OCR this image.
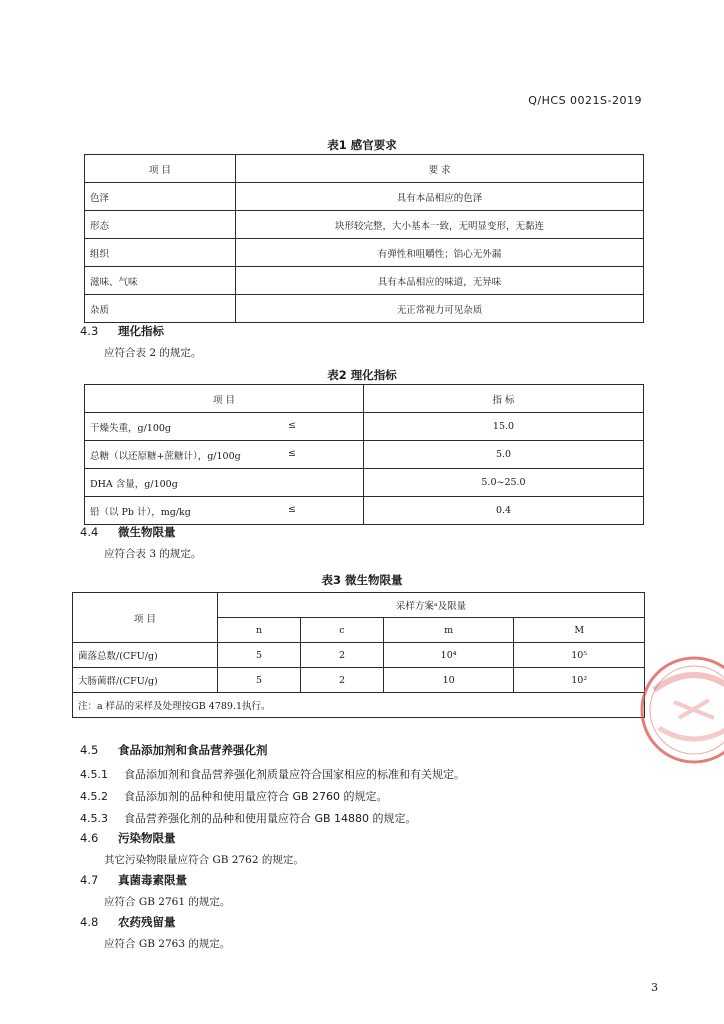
Q/HCS 0021S-2019
表1 感官要求
项 目	要 求
色泽	具有本品相应的色泽
形态	块形较完整，大小基本一致，无明显变形，无黏连
组织	有弹性和咀嚼性；馅心无外漏
滋味、气味	具有本品相应的味道，无异味
杂质	无正常视力可见杂质
4.3 理化指标
应符合表 2 的规定。
表2 理化指标
项 目	指 标
干燥失重，g/100g ≤	15.0
总糖（以还原糖+蔗糖计），g/100g ≤	5.0
DHA 含量，g/100g	5.0~25.0
铅（以 Pb 计），mg/kg ≤	0.4
4.4 微生物限量
应符合表 3 的规定。
表3 微生物限量
项 目	采样方案ᵃ及限量			
	n	c	m	M
菌落总数/(CFU/g)	5	2	10⁴	10⁵
大肠菌群/(CFU/g)	5	2	10	10²
注：a 样品的采样及处理按GB 4789.1执行。				
4.5 食品添加剂和食品营养强化剂
4.5.1 食品添加剂和食品营养强化剂质量应符合国家相应的标准和有关规定。
4.5.2 食品添加剂的品种和使用量应符合 GB 2760 的规定。
4.5.3 食品营养强化剂的品种和使用量应符合 GB 14880 的规定。
4.6 污染物限量
其它污染物限量应符合 GB 2762 的规定。
4.7 真菌毒素限量
应符合 GB 2761 的规定。
4.8 农药残留量
应符合 GB 2763 的规定。
3
